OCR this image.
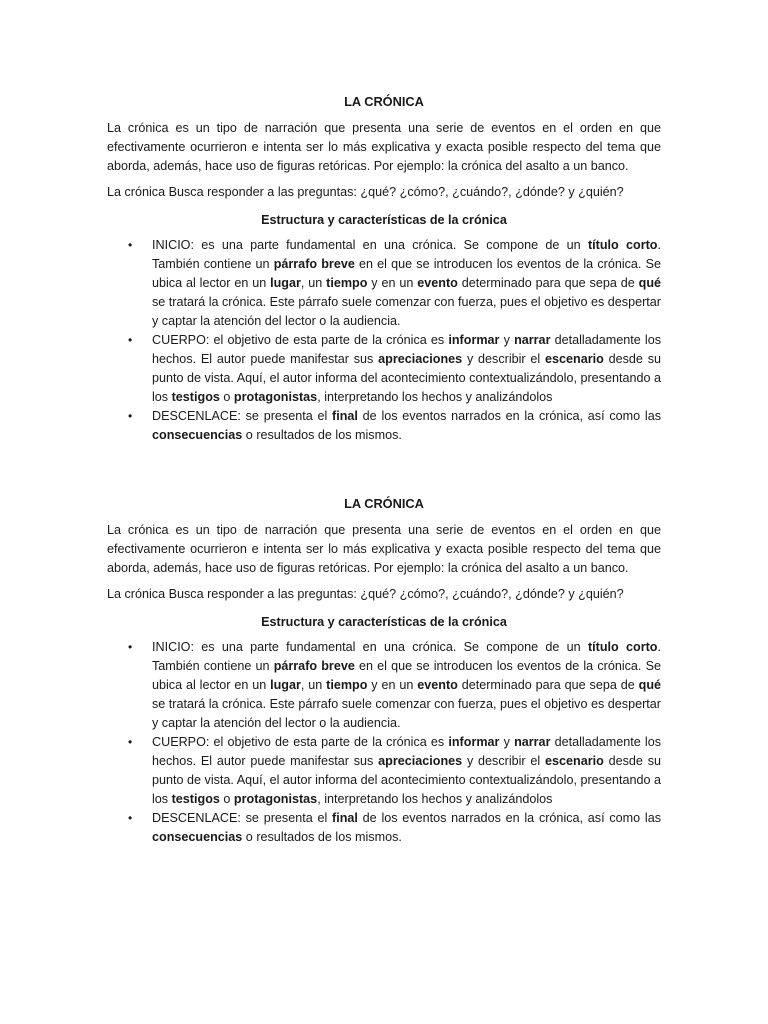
LA CRÓNICA
La crónica es un tipo de narración que presenta una serie de eventos en el orden en que efectivamente ocurrieron e intenta ser lo más explicativa y exacta posible respecto del tema que aborda, además, hace uso de figuras retóricas. Por ejemplo: la crónica del asalto a un banco.
La crónica Busca responder a las preguntas: ¿qué? ¿cómo?, ¿cuándo?, ¿dónde? y ¿quién?
Estructura y características de la crónica
• INICIO: es una parte fundamental en una crónica. Se compone de un título corto. También contiene un párrafo breve en el que se introducen los eventos de la crónica. Se ubica al lector en un lugar, un tiempo y en un evento determinado para que sepa de qué se tratará la crónica. Este párrafo suele comenzar con fuerza, pues el objetivo es despertar y captar la atención del lector o la audiencia.
• CUERPO: el objetivo de esta parte de la crónica es informar y narrar detalladamente los hechos. El autor puede manifestar sus apreciaciones y describir el escenario desde su punto de vista. Aquí, el autor informa del acontecimiento contextualizándolo, presentando a los testigos o protagonistas, interpretando los hechos y analizándolos
• DESCENLACE: se presenta el final de los eventos narrados en la crónica, así como las consecuencias o resultados de los mismos.
LA CRÓNICA
La crónica es un tipo de narración que presenta una serie de eventos en el orden en que efectivamente ocurrieron e intenta ser lo más explicativa y exacta posible respecto del tema que aborda, además, hace uso de figuras retóricas. Por ejemplo: la crónica del asalto a un banco.
La crónica Busca responder a las preguntas: ¿qué? ¿cómo?, ¿cuándo?, ¿dónde? y ¿quién?
Estructura y características de la crónica
• INICIO: es una parte fundamental en una crónica. Se compone de un título corto. También contiene un párrafo breve en el que se introducen los eventos de la crónica. Se ubica al lector en un lugar, un tiempo y en un evento determinado para que sepa de qué se tratará la crónica. Este párrafo suele comenzar con fuerza, pues el objetivo es despertar y captar la atención del lector o la audiencia.
• CUERPO: el objetivo de esta parte de la crónica es informar y narrar detalladamente los hechos. El autor puede manifestar sus apreciaciones y describir el escenario desde su punto de vista. Aquí, el autor informa del acontecimiento contextualizándolo, presentando a los testigos o protagonistas, interpretando los hechos y analizándolos
• DESCENLACE: se presenta el final de los eventos narrados en la crónica, así como las consecuencias o resultados de los mismos.
